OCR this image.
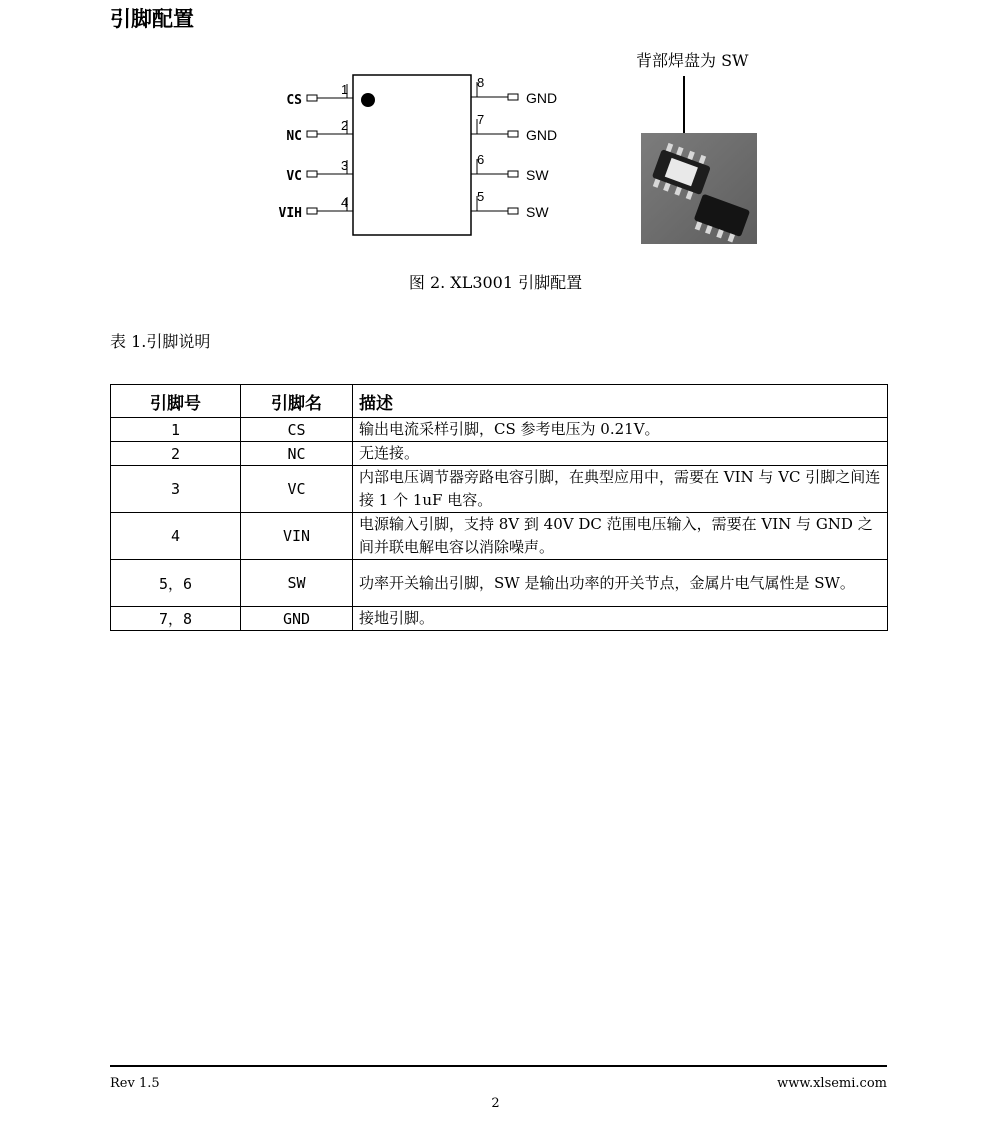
引脚配置
1
CS
2
NC
3
VC
4
VIH
8
GND
7
GND
6
SW
5
SW
背部焊盘为 SW
图 2. XL3001 引脚配置
表 1.引脚说明
引脚号	引脚名	描述
1	CS	输出电流采样引脚，CS 参考电压为 0.21V。
2	NC	无连接。
3	VC	内部电压调节器旁路电容引脚，在典型应用中，需要在 VIN 与 VC 引脚之间连接 1 个 1uF 电容。
4	VIN	电源输入引脚，支持 8V 到 40V DC 范围电压输入，需要在 VIN 与 GND 之间并联电解电容以消除噪声。
5，6	SW	功率开关输出引脚，SW 是输出功率的开关节点，金属片电气属性是 SW。
7，8	GND	接地引脚。
Rev 1.5	www.xlsemi.com
2
